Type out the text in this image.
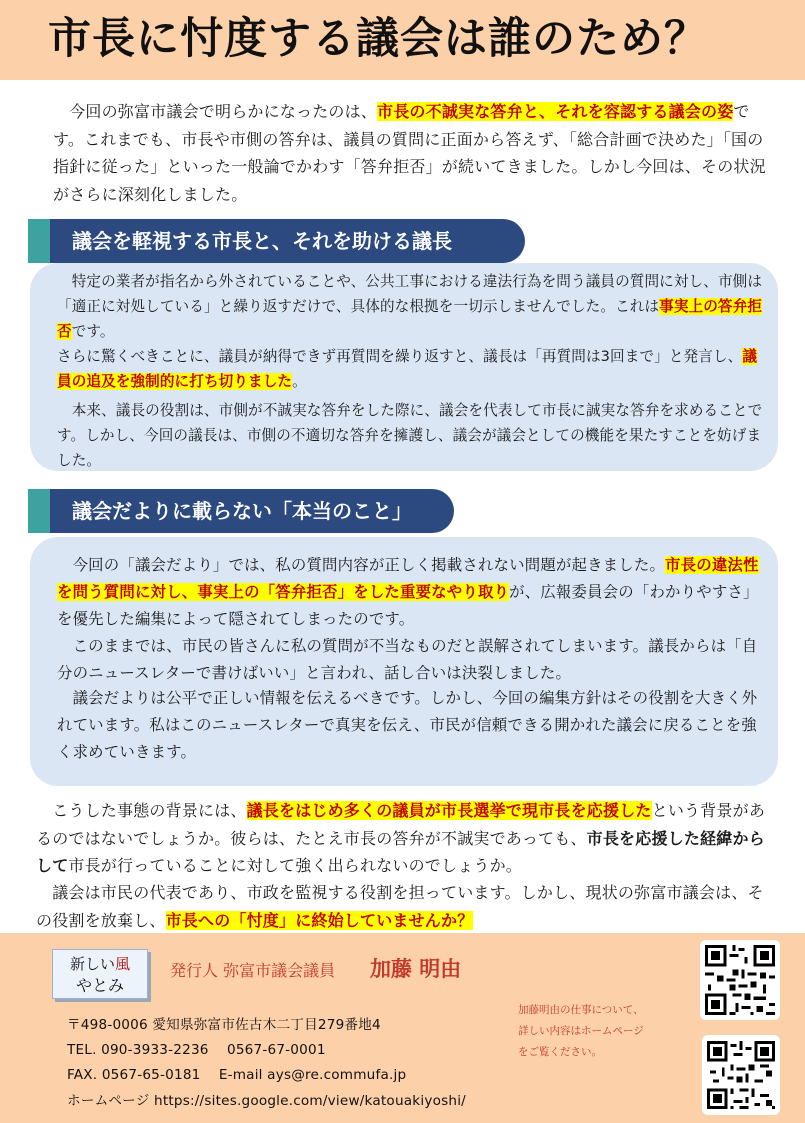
市長に忖度する議会は誰のため？

　今回の弥富市議会で明らかになったのは、市長の不誠実な答弁と、それを容認する議会の姿です。これまでも、市長や市側の答弁は、議員の質問に正面から答えず、「総合計画で決めた」「国の指針に従った」といった一般論でかわす「答弁拒否」が続いてきました。しかし今回は、その状況がさらに深刻化しました。

議会を軽視する市長と、それを助ける議長

　特定の業者が指名から外されていることや、公共工事における違法行為を問う議員の質問に対し、市側は「適正に対処している」と繰り返すだけで、具体的な根拠を一切示しませんでした。これは事実上の答弁拒否です。

さらに驚くべきことに、議員が納得できず再質問を繰り返すと、議長は「再質問は3回まで」と発言し、議員の追及を強制的に打ち切りました。

　本来、議長の役割は、市側が不誠実な答弁をした際に、議会を代表して市長に誠実な答弁を求めることです。しかし、今回の議長は、市側の不適切な答弁を擁護し、議会が議会としての機能を果たすことを妨げました。

議会だよりに載らない「本当のこと」

　今回の「議会だより」では、私の質問内容が正しく掲載されない問題が起きました。市長の違法性を問う質問に対し、事実上の「答弁拒否」をした重要なやり取りが、広報委員会の「わかりやすさ」を優先した編集によって隠されてしまったのです。

　このままでは、市民の皆さんに私の質問が不当なものだと誤解されてしまいます。議長からは「自分のニュースレターで書けばいい」と言われ、話し合いは決裂しました。

　議会だよりは公平で正しい情報を伝えるべきです。しかし、今回の編集方針はその役割を大きく外れています。私はこのニュースレターで真実を伝え、市民が信頼できる開かれた議会に戻ることを強く求めていきます。

　こうした事態の背景には、議長をはじめ多くの議員が市長選挙で現市長を応援したという背景があるのではないでしょうか。彼らは、たとえ市長の答弁が不誠実であっても、市長を応援した経緯からして市長が行っていることに対して強く出られないのでしょうか。

　議会は市民の代表であり、市政を監視する役割を担っています。しかし、現状の弥富市議会は、その役割を放棄し、市長への「忖度」に終始していませんか？

新しい風
やとみ
発行人 弥富市議会議員 加藤 明由
〒498-0006 愛知県弥富市佐古木二丁目279番地4
TEL. 090-3933-2236　 0567-67-0001
FAX. 0567-65-0181　 E-mail ays@re.commufa.jp
ホームページ https://sites.google.com/view/katouakiyoshi/
加藤明由の仕事について、
詳しい内容はホームページ
をご覧ください。
